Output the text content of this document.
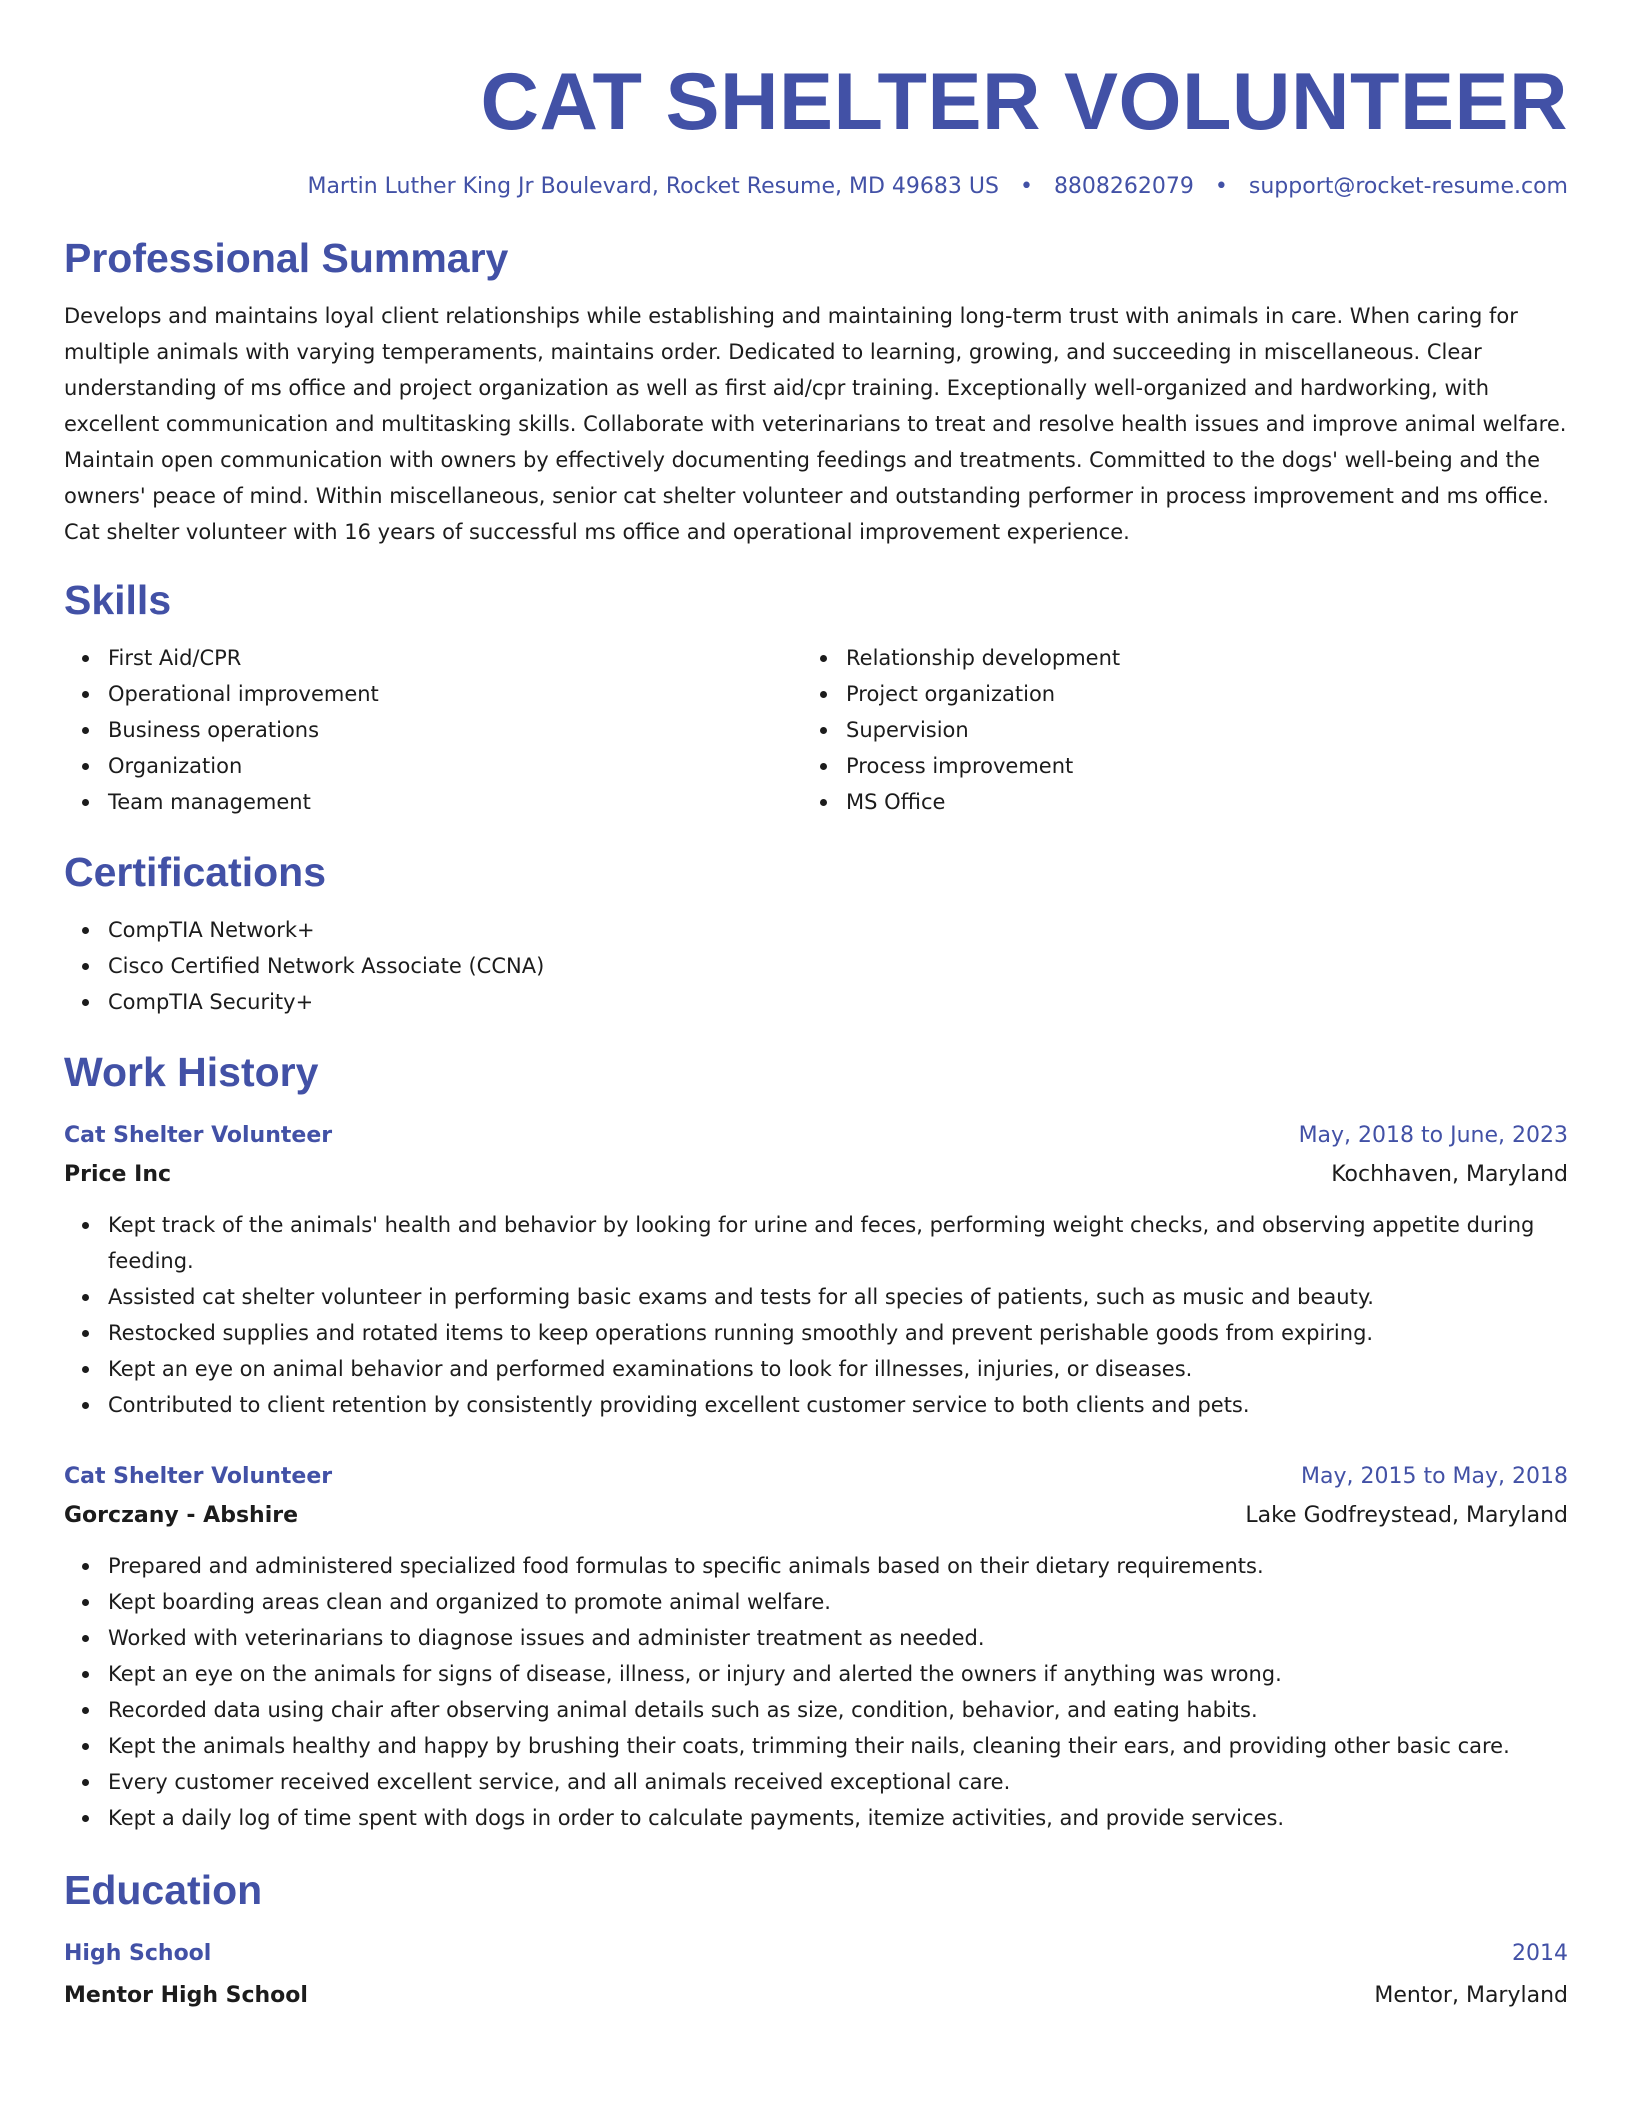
CAT SHELTER VOLUNTEER
Martin Luther King Jr Boulevard, Rocket Resume, MD 49683 US • 8808262079 • support@rocket-resume.com
Professional Summary

Develops and maintains loyal client relationships while establishing and maintaining long-term trust with animals in care. When caring for multiple animals with varying temperaments, maintains order. Dedicated to learning, growing, and succeeding in miscellaneous. Clear understanding of ms office and project organization as well as first aid/cpr training. Exceptionally well-organized and hardworking, with excellent communication and multitasking skills. Collaborate with veterinarians to treat and resolve health issues and improve animal welfare. Maintain open communication with owners by effectively documenting feedings and treatments. Committed to the dogs' well-being and the owners' peace of mind. Within miscellaneous, senior cat shelter volunteer and outstanding performer in process improvement and ms office. Cat shelter volunteer with 16 years of successful ms office and operational improvement experience.

Skills
First Aid/CPR
Operational improvement
Business operations
Organization
Team management
Relationship development
Project organization
Supervision
Process improvement
MS Office
Certifications
CompTIA Network+
Cisco Certified Network Associate (CCNA)
CompTIA Security+
Work History
Cat Shelter Volunteer	May, 2018 to June, 2023
Price Inc	Kochhaven, Maryland
Kept track of the animals' health and behavior by looking for urine and feces, performing weight checks, and observing appetite during feeding.
Assisted cat shelter volunteer in performing basic exams and tests for all species of patients, such as music and beauty.
Restocked supplies and rotated items to keep operations running smoothly and prevent perishable goods from expiring.
Kept an eye on animal behavior and performed examinations to look for illnesses, injuries, or diseases.
Contributed to client retention by consistently providing excellent customer service to both clients and pets.
Cat Shelter Volunteer	May, 2015 to May, 2018
Gorczany - Abshire	Lake Godfreystead, Maryland
Prepared and administered specialized food formulas to specific animals based on their dietary requirements.
Kept boarding areas clean and organized to promote animal welfare.
Worked with veterinarians to diagnose issues and administer treatment as needed.
Kept an eye on the animals for signs of disease, illness, or injury and alerted the owners if anything was wrong.
Recorded data using chair after observing animal details such as size, condition, behavior, and eating habits.
Kept the animals healthy and happy by brushing their coats, trimming their nails, cleaning their ears, and providing other basic care.
Every customer received excellent service, and all animals received exceptional care.
Kept a daily log of time spent with dogs in order to calculate payments, itemize activities, and provide services.
Education
High School	2014
Mentor High School	Mentor, Maryland
